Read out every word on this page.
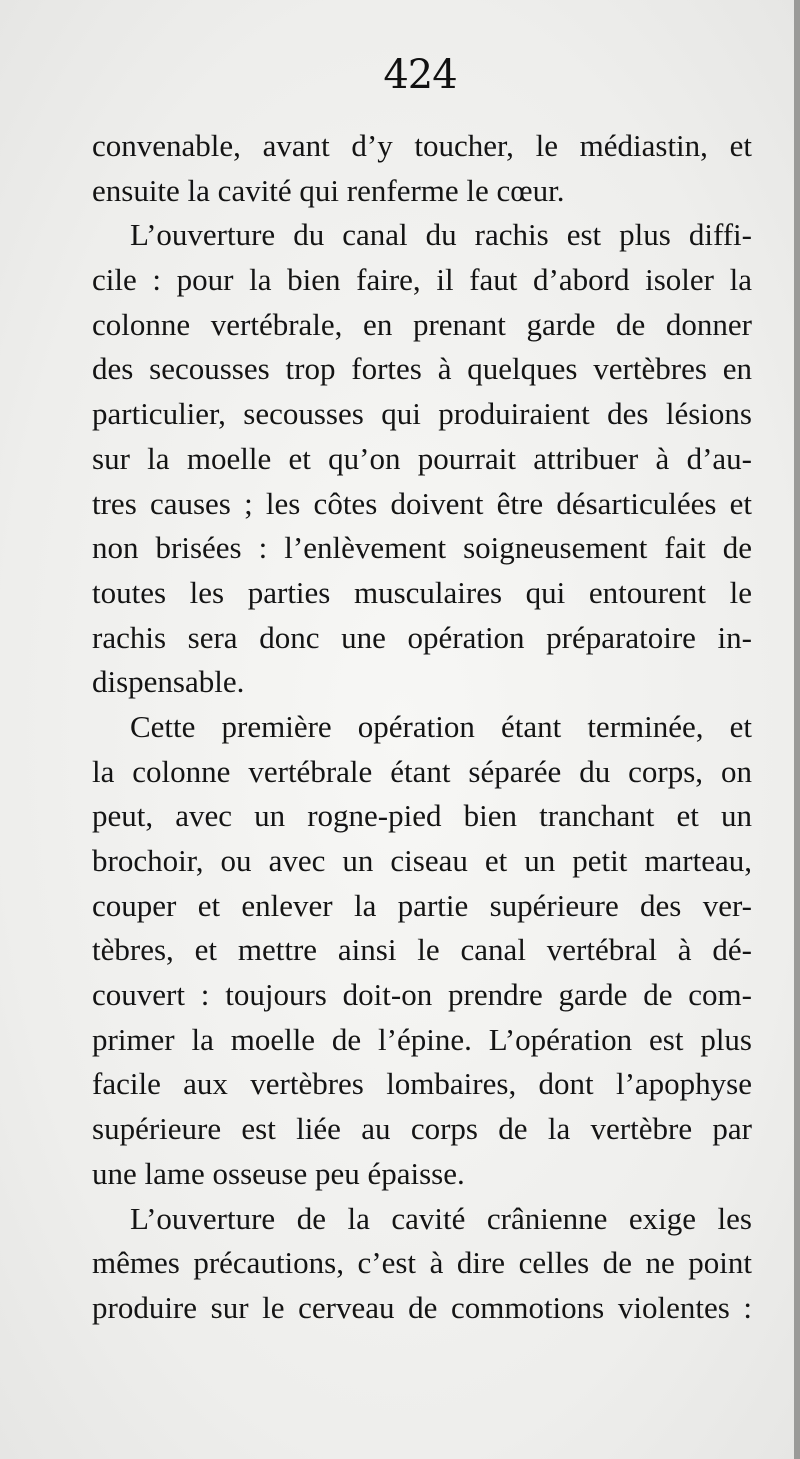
424
convenable, avant d’y toucher, le médiastin, et
ensuite la cavité qui renferme le cœur.
L’ouverture du canal du rachis est plus diffi-
cile : pour la bien faire, il faut d’abord isoler la
colonne vertébrale, en prenant garde de donner
des secousses trop fortes à quelques vertèbres en
particulier, secousses qui produiraient des lésions
sur la moelle et qu’on pourrait attribuer à d’au-
tres causes ; les côtes doivent être désarticulées et
non brisées : l’enlèvement soigneusement fait de
toutes les parties musculaires qui entourent le
rachis sera donc une opération préparatoire in-
dispensable.
Cette première opération étant terminée, et
la colonne vertébrale étant séparée du corps, on
peut, avec un rogne-pied bien tranchant et un
brochoir, ou avec un ciseau et un petit marteau,
couper et enlever la partie supérieure des ver-
tèbres, et mettre ainsi le canal vertébral à dé-
couvert : toujours doit-on prendre garde de com-
primer la moelle de l’épine. L’opération est plus
facile aux vertèbres lombaires, dont l’apophyse
supérieure est liée au corps de la vertèbre par
une lame osseuse peu épaisse.
L’ouverture de la cavité crânienne exige les
mêmes précautions, c’est à dire celles de ne point
produire sur le cerveau de commotions violentes :
